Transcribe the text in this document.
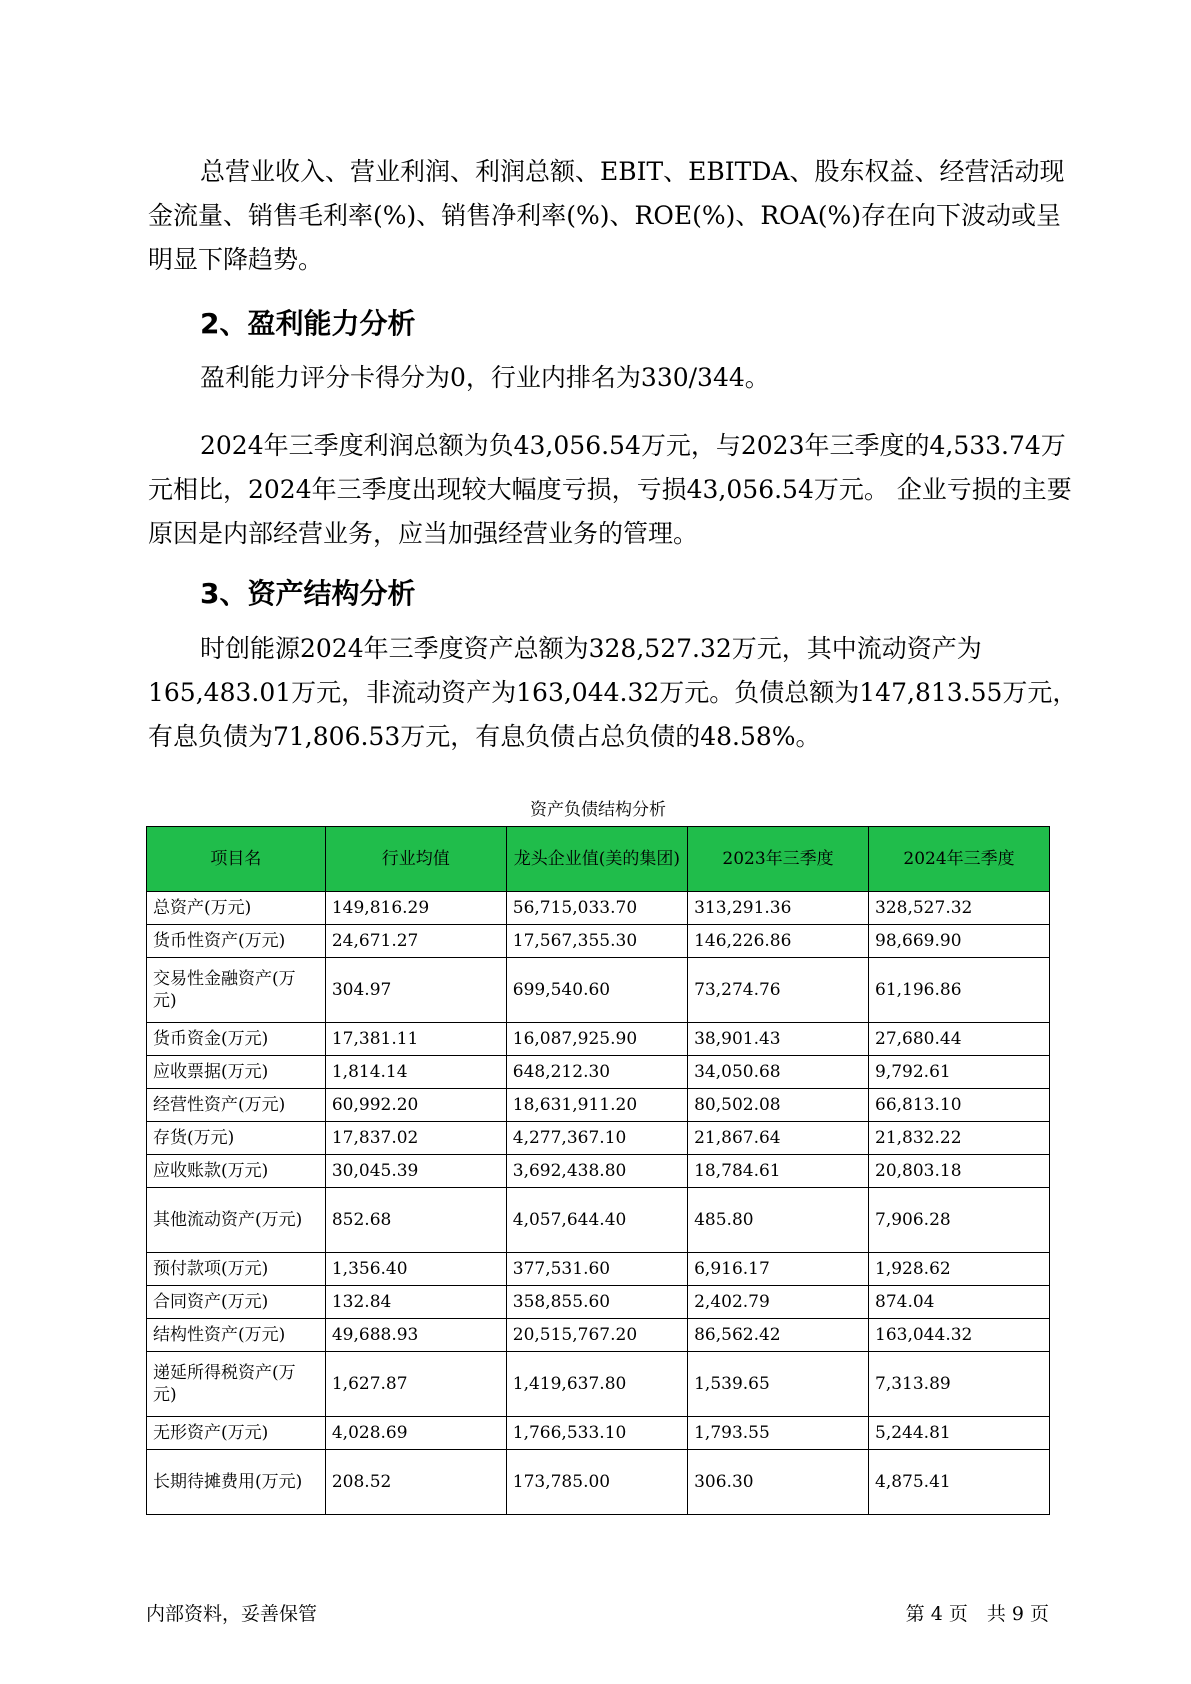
总营业收入、营业利润、利润总额、EBIT、EBITDA、股东权益、经营活动现金流量、销售毛利率(%)、销售净利率(%)、ROE(%)、ROA(%)存在向下波动或呈明显下降趋势。

2、盈利能力分析

盈利能力评分卡得分为0，行业内排名为330/344。

2024年三季度利润总额为负43,056.54万元，与2023年三季度的4,533.74万元相比，2024年三季度出现较大幅度亏损，亏损43,056.54万元。 企业亏损的主要原因是内部经营业务，应当加强经营业务的管理。

3、资产结构分析

时创能源2024年三季度资产总额为328,527.32万元，其中流动资产为165,483.01万元，非流动资产为163,044.32万元。负债总额为147,813.55万元，有息负债为71,806.53万元，有息负债占总负债的48.58%。

资产负债结构分析

项目名	行业均值	龙头企业值(美的集团)	2023年三季度	2024年三季度
总资产(万元)	149,816.29	56,715,033.70	313,291.36	328,527.32
货币性资产(万元)	24,671.27	17,567,355.30	146,226.86	98,669.90
交易性金融资产(万元)	304.97	699,540.60	73,274.76	61,196.86
货币资金(万元)	17,381.11	16,087,925.90	38,901.43	27,680.44
应收票据(万元)	1,814.14	648,212.30	34,050.68	9,792.61
经营性资产(万元)	60,992.20	18,631,911.20	80,502.08	66,813.10
存货(万元)	17,837.02	4,277,367.10	21,867.64	21,832.22
应收账款(万元)	30,045.39	3,692,438.80	18,784.61	20,803.18
其他流动资产(万元)	852.68	4,057,644.40	485.80	7,906.28
预付款项(万元)	1,356.40	377,531.60	6,916.17	1,928.62
合同资产(万元)	132.84	358,855.60	2,402.79	874.04
结构性资产(万元)	49,688.93	20,515,767.20	86,562.42	163,044.32
递延所得税资产(万元)	1,627.87	1,419,637.80	1,539.65	7,313.89
无形资产(万元)	4,028.69	1,766,533.10	1,793.55	5,244.81
长期待摊费用(万元)	208.52	173,785.00	306.30	4,875.41

内部资料，妥善保管	第 4 页　共 9 页
